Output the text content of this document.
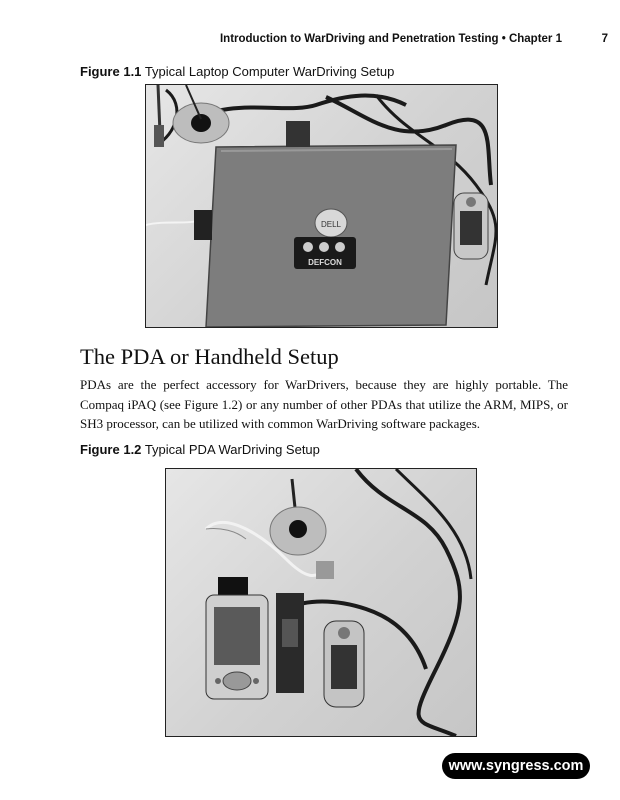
Introduction to WarDriving and Penetration Testing • Chapter 1	7
Figure 1.1 Typical Laptop Computer WarDriving Setup
DELL
DEFCON
The PDA or Handheld Setup

PDAs are the perfect accessory for WarDrivers, because they are highly portable. The Compaq iPAQ (see Figure 1.2) or any number of other PDAs that utilize the ARM, MIPS, or SH3 processor, can be utilized with common WarDriving software packages.

Figure 1.2 Typical PDA WarDriving Setup
www.syngress.com
